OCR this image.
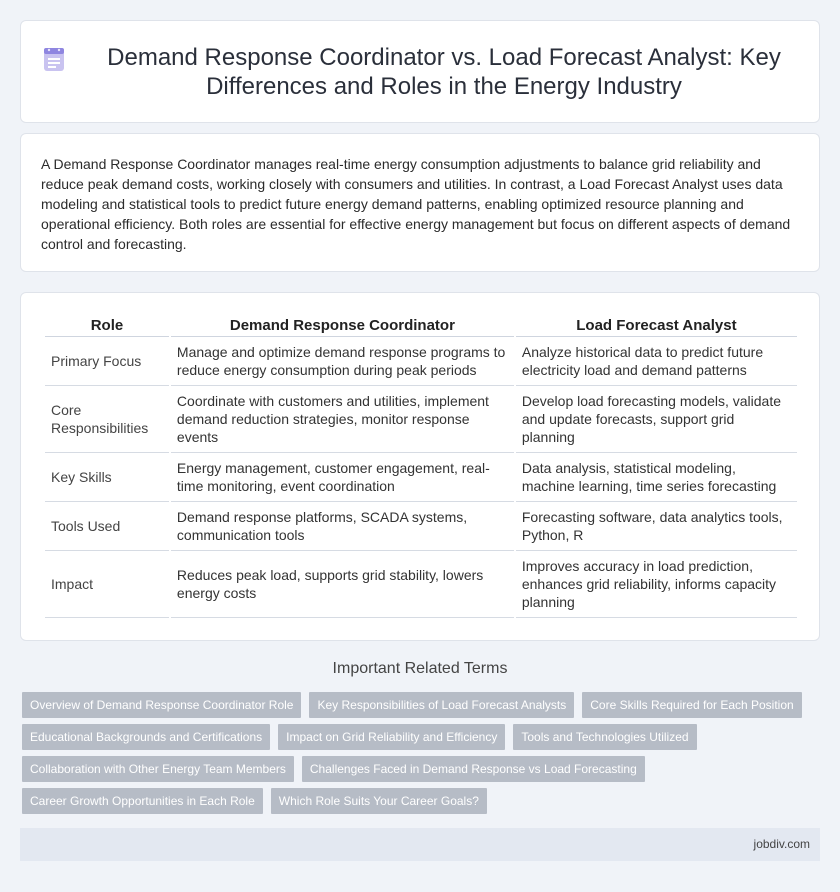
Demand Response Coordinator vs. Load Forecast Analyst: Key Differences and Roles in the Energy Industry

A Demand Response Coordinator manages real-time energy consumption adjustments to balance grid reliability and reduce peak demand costs, working closely with consumers and utilities. In contrast, a Load Forecast Analyst uses data modeling and statistical tools to predict future energy demand patterns, enabling optimized resource planning and operational efficiency. Both roles are essential for effective energy management but focus on different aspects of demand control and forecasting.

Role	Demand Response Coordinator	Load Forecast Analyst
Primary Focus	Manage and optimize demand response programs to reduce energy consumption during peak periods	Analyze historical data to predict future electricity load and demand patterns
Core Responsibilities	Coordinate with customers and utilities, implement demand reduction strategies, monitor response events	Develop load forecasting models, validate and update forecasts, support grid planning
Key Skills	Energy management, customer engagement, real-time monitoring, event coordination	Data analysis, statistical modeling, machine learning, time series forecasting
Tools Used	Demand response platforms, SCADA systems, communication tools	Forecasting software, data analytics tools, Python, R
Impact	Reduces peak load, supports grid stability, lowers energy costs	Improves accuracy in load prediction, enhances grid reliability, informs capacity planning
Important Related Terms
Overview of Demand Response Coordinator Role	Key Responsibilities of Load Forecast Analysts	Core Skills Required for Each Position
Educational Backgrounds and Certifications	Impact on Grid Reliability and Efficiency	Tools and Technologies Utilized
Collaboration with Other Energy Team Members	Challenges Faced in Demand Response vs Load Forecasting
Career Growth Opportunities in Each Role	Which Role Suits Your Career Goals?
jobdiv.com
